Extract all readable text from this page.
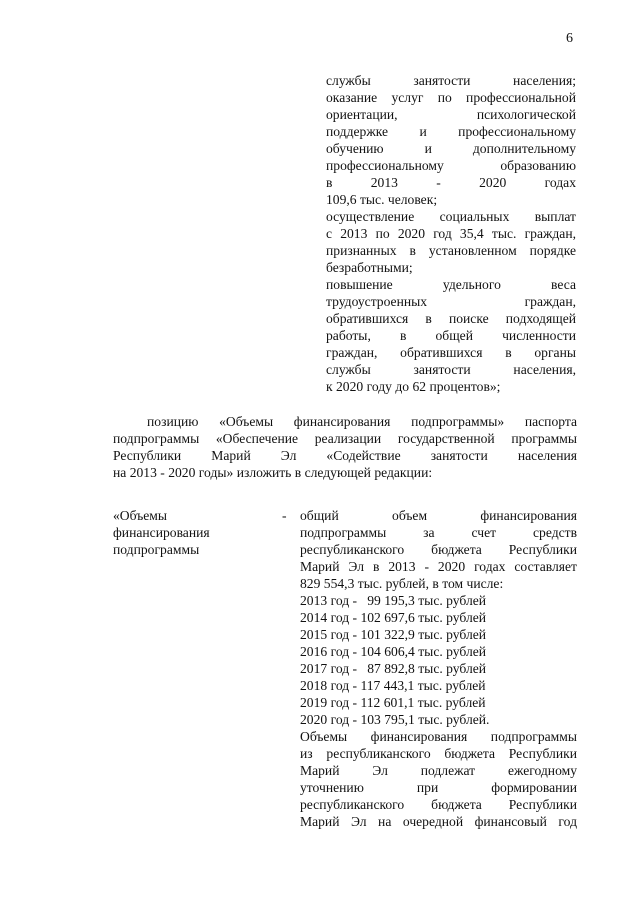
6
службы занятости населения;
оказание услуг по профессиональной
ориентации, психологической
поддержке и профессиональному
обучению и дополнительному
профессиональному образованию
в 2013 - 2020 годах
109,6 тыс. человек;
осуществление социальных выплат
с 2013 по 2020 год 35,4 тыс. граждан,
признанных в установленном порядке
безработными;
повышение удельного веса
трудоустроенных граждан,
обратившихся в поиске подходящей
работы, в общей численности
граждан, обратившихся в органы
службы занятости населения,
к 2020 году до 62 процентов»;
позицию «Объемы финансирования подпрограммы» паспорта
подпрограммы «Обеспечение реализации государственной программы
Республики Марий Эл «Содействие занятости населения
на 2013 - 2020 годы» изложить в следующей редакции:
«Объемы
финансирования
подпрограммы
- общий объем финансирования
подпрограммы за счет средств
республиканского бюджета Республики
Марий Эл в 2013 - 2020 годах составляет
829 554,3 тыс. рублей, в том числе:
2013 год -   99 195,3 тыс. рублей
2014 год - 102 697,6 тыс. рублей
2015 год - 101 322,9 тыс. рублей
2016 год - 104 606,4 тыс. рублей
2017 год -   87 892,8 тыс. рублей
2018 год - 117 443,1 тыс. рублей
2019 год - 112 601,1 тыс. рублей
2020 год - 103 795,1 тыс. рублей.
Объемы финансирования подпрограммы
из республиканского бюджета Республики
Марий Эл подлежат ежегодному
уточнению при формировании
республиканского бюджета Республики
Марий Эл на очередной финансовый год
